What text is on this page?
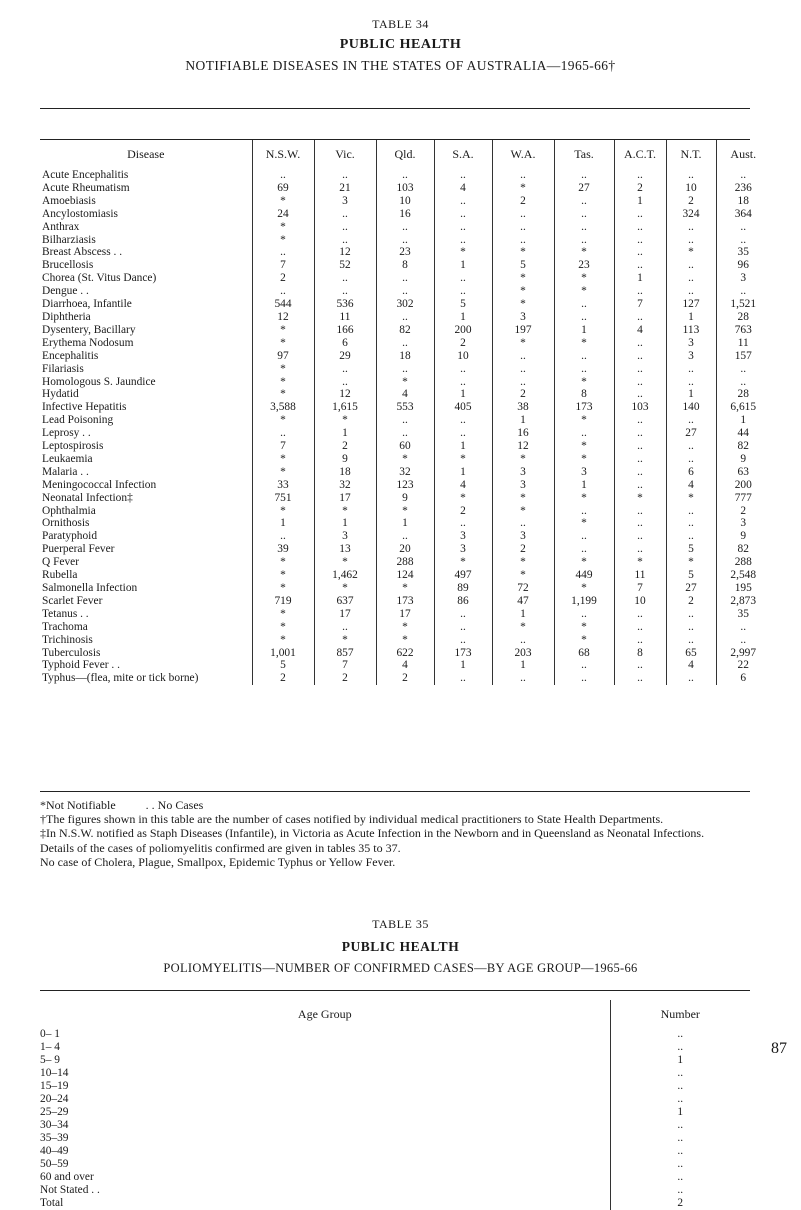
TABLE 34
PUBLIC HEALTH
NOTIFIABLE DISEASES IN THE STATES OF AUSTRALIA—1965-66†
Disease	N.S.W.	Vic.	Qld.	S.A.	W.A.	Tas.	A.C.T.	N.T.	Aust.
Acute Encephalitis	..	..	..	..	..	..	..	..	..
Acute Rheumatism	69	21	103	4	*	27	2	10	236
Amoebiasis	*	3	10	..	2	..	1	2	18
Ancylostomiasis	24	..	16	..	..	..	..	324	364
Anthrax	*	..	..	..	..	..	..	..	..
Bilharziasis	*	..	..	..	..	..	..	..	..
Breast Abscess . .	..	12	23	*	*	*	..	*	35
Brucellosis	7	52	8	1	5	23	..	..	96
Chorea (St. Vitus Dance)	2	..	..	..	*	*	1	..	3
Dengue . .	..	..	..	..	*	*	..	..	..
Diarrhoea, Infantile	544	536	302	5	*	..	7	127	1,521
Diphtheria	12	11	..	1	3	..	..	1	28
Dysentery, Bacillary	*	166	82	200	197	1	4	113	763
Erythema Nodosum	*	6	..	2	*	*	..	3	11
Encephalitis	97	29	18	10	..	..	..	3	157
Filariasis	*	..	..	..	..	..	..	..	..
Homologous S. Jaundice	*	..	*	..	..	*	..	..	..
Hydatid	*	12	4	1	2	8	..	1	28
Infective Hepatitis	3,588	1,615	553	405	38	173	103	140	6,615
Lead Poisoning	*	*	..	..	1	*	..	..	1
Leprosy . .	..	1	..	..	16	..	..	27	44
Leptospirosis	7	2	60	1	12	*	..	..	82
Leukaemia	*	9	*	*	*	*	..	..	9
Malaria . .	*	18	32	1	3	3	..	6	63
Meningococcal Infection	33	32	123	4	3	1	..	4	200
Neonatal Infection‡	751	17	9	*	*	*	*	*	777
Ophthalmia	*	*	*	2	*	..	..	..	2
Ornithosis	1	1	1	..	..	*	..	..	3
Paratyphoid	..	3	..	3	3	..	..	..	9
Puerperal Fever	39	13	20	3	2	..	..	5	82
Q Fever	*	*	288	*	*	*	*	*	288
Rubella	*	1,462	124	497	*	449	11	5	2,548
Salmonella Infection	*	*	*	89	72	*	7	27	195
Scarlet Fever	719	637	173	86	47	1,199	10	2	2,873
Tetanus . .	*	17	17	..	1	..	..	..	35
Trachoma	*	..	*	..	*	*	..	..	..
Trichinosis	*	*	*	..	..	*	..	..	..
Tuberculosis	1,001	857	622	173	203	68	8	65	2,997
Typhoid Fever . .	5	7	4	1	1	..	..	4	22
Typhus—(flea, mite or tick borne)	2	2	2	..	..	..	..	..	6

*Not Notifiable          . . No Cases

†The figures shown in this table are the number of cases notified by individual medical practitioners to State Health Departments.

‡In N.S.W. notified as Staph Diseases (Infantile), in Victoria as Acute Infection in the Newborn and in Queensland as Neonatal Infections.

Details of the cases of poliomyelitis confirmed are given in tables 35 to 37.

No case of Cholera, Plague, Smallpox, Epidemic Typhus or Yellow Fever.

TABLE 35
PUBLIC HEALTH
POLIOMYELITIS—NUMBER OF CONFIRMED CASES—BY AGE GROUP—1965-66
Age Group	Number
0– 1	..
1– 4	..
5– 9	1
10–14	..
15–19	..
20–24	..
25–29	1
30–34	..
35–39	..
40–49	..
50–59	..
60 and over	..
Not Stated . .	..
Total	2
87
